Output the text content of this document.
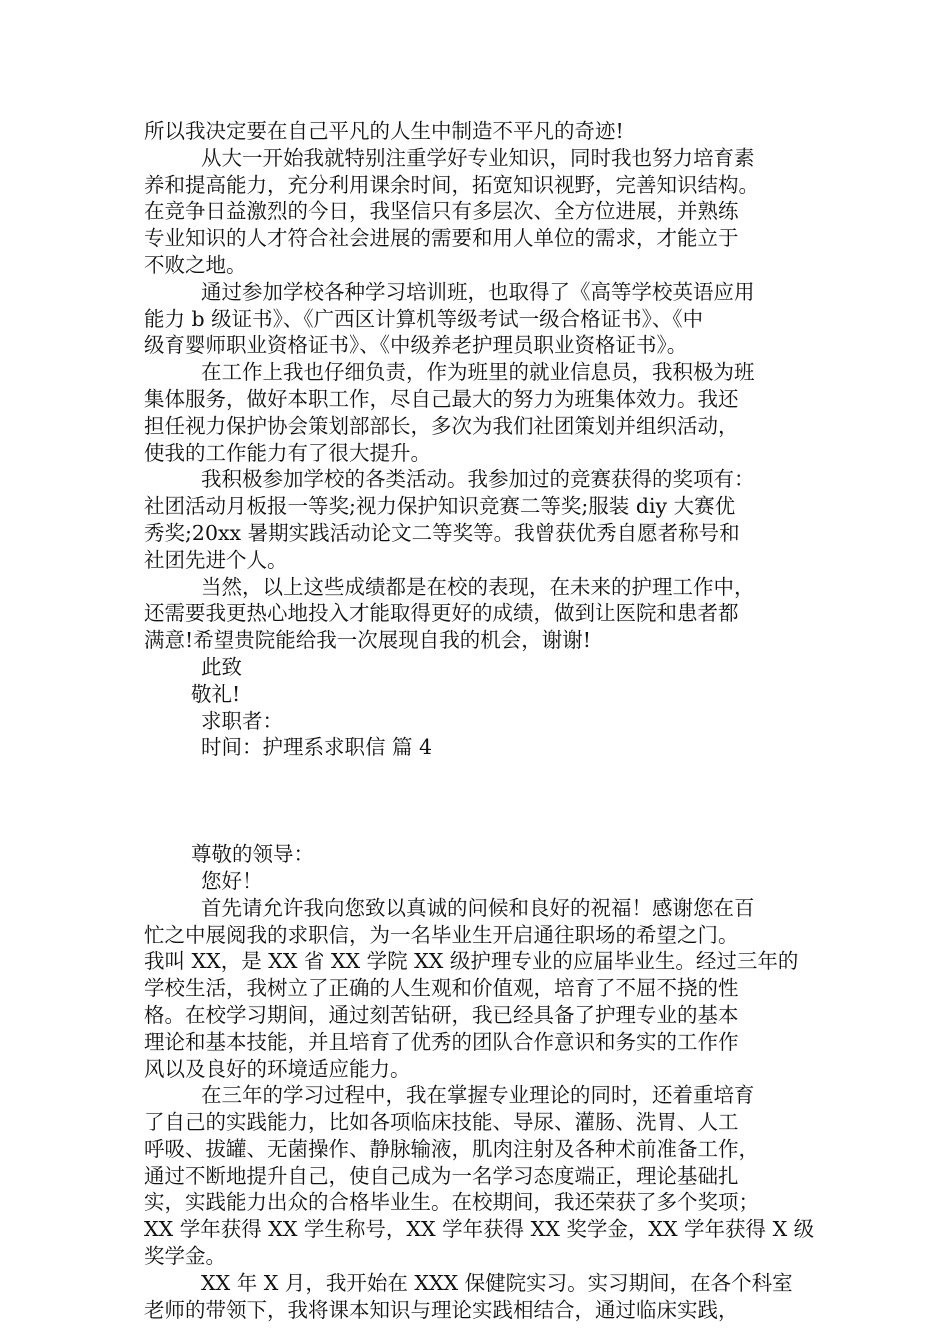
所以我决定要在自己平凡的人生中制造不平凡的奇迹!
从大一开始我就特别注重学好专业知识，同时我也努力培育素
养和提高能力，充分利用课余时间，拓宽知识视野，完善知识结构。
在竞争日益激烈的今日，我坚信只有多层次、全方位进展，并熟练
专业知识的人才符合社会进展的需要和用人单位的需求，才能立于
不败之地。
通过参加学校各种学习培训班，也取得了《高等学校英语应用
能力 b 级证书》、《广西区计算机等级考试一级合格证书》、《中
级育婴师职业资格证书》、《中级养老护理员职业资格证书》。
在工作上我也仔细负责，作为班里的就业信息员，我积极为班
集体服务，做好本职工作，尽自己最大的努力为班集体效力。我还
担任视力保护协会策划部部长，多次为我们社团策划并组织活动，
使我的工作能力有了很大提升。
我积极参加学校的各类活动。我参加过的竞赛获得的奖项有：
社团活动月板报一等奖;视力保护知识竞赛二等奖;服装 diy 大赛优
秀奖;20xx 暑期实践活动论文二等奖等。我曾获优秀自愿者称号和
社团先进个人。
当然，以上这些成绩都是在校的表现，在未来的护理工作中，
还需要我更热心地投入才能取得更好的成绩，做到让医院和患者都
满意!希望贵院能给我一次展现自我的机会，谢谢!
此致
敬礼!
求职者：
时间：护理系求职信 篇 4
尊敬的领导：
您好！
首先请允许我向您致以真诚的问候和良好的祝福！感谢您在百
忙之中展阅我的求职信，为一名毕业生开启通往职场的希望之门。
我叫 XX，是 XX 省 XX 学院 XX 级护理专业的应届毕业生。经过三年的
学校生活，我树立了正确的人生观和价值观，培育了不屈不挠的性
格。在校学习期间，通过刻苦钻研，我已经具备了护理专业的基本
理论和基本技能，并且培育了优秀的团队合作意识和务实的工作作
风以及良好的环境适应能力。
在三年的学习过程中，我在掌握专业理论的同时，还着重培育
了自己的实践能力，比如各项临床技能、导尿、灌肠、洗胃、人工
呼吸、拔罐、无菌操作、静脉输液，肌肉注射及各种术前准备工作，
通过不断地提升自己，使自己成为一名学习态度端正，理论基础扎
实，实践能力出众的合格毕业生。在校期间，我还荣获了多个奖项；
XX 学年获得 XX 学生称号，XX 学年获得 XX 奖学金，XX 学年获得 X 级
奖学金。
XX 年 X 月，我开始在 XXX 保健院实习。实习期间，在各个科室
老师的带领下，我将课本知识与理论实践相结合，通过临床实践，
